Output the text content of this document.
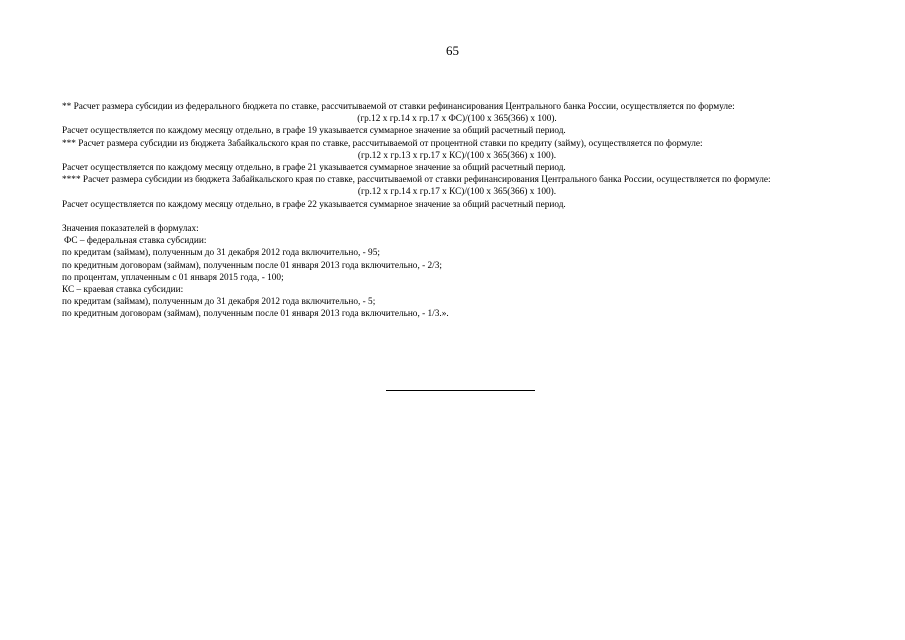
65
** Расчет размера субсидии из федерального бюджета по ставке, рассчитываемой от ставки рефинансирования Центрального банка России, осуществляется по формуле:
(гр.12 х гр.14 х гр.17 х ФС)/(100 х 365(366) х 100).
Расчет осуществляется по каждому месяцу отдельно, в графе 19 указывается суммарное значение за общий расчетный период.
*** Расчет размера субсидии из бюджета Забайкальского края по ставке, рассчитываемой от процентной ставки по кредиту (займу), осуществляется по формуле:
(гр.12 х гр.13 х гр.17 х КС)/(100 х 365(366) х 100).
Расчет осуществляется по каждому месяцу отдельно, в графе 21 указывается суммарное значение за общий расчетный период.
**** Расчет размера субсидии из бюджета Забайкальского края по ставке, рассчитываемой от ставки рефинансирования Центрального банка России, осуществляется по формуле:
(гр.12 х гр.14 х гр.17 х КС)/(100 х 365(366) х 100).
Расчет осуществляется по каждому месяцу отдельно, в графе 22 указывается суммарное значение за общий расчетный период.
Значения показателей в формулах:
ФС – федеральная ставка субсидии:
по кредитам (займам), полученным до 31 декабря 2012 года включительно, - 95;
по кредитным договорам (займам), полученным после 01 января 2013 года включительно, - 2/3;
по процентам, уплаченным с 01 января 2015 года, - 100;
КС – краевая ставка субсидии:
по кредитам (займам), полученным до 31 декабря 2012 года включительно, - 5;
по кредитным договорам (займам), полученным после 01 января 2013 года включительно, - 1/3.».
